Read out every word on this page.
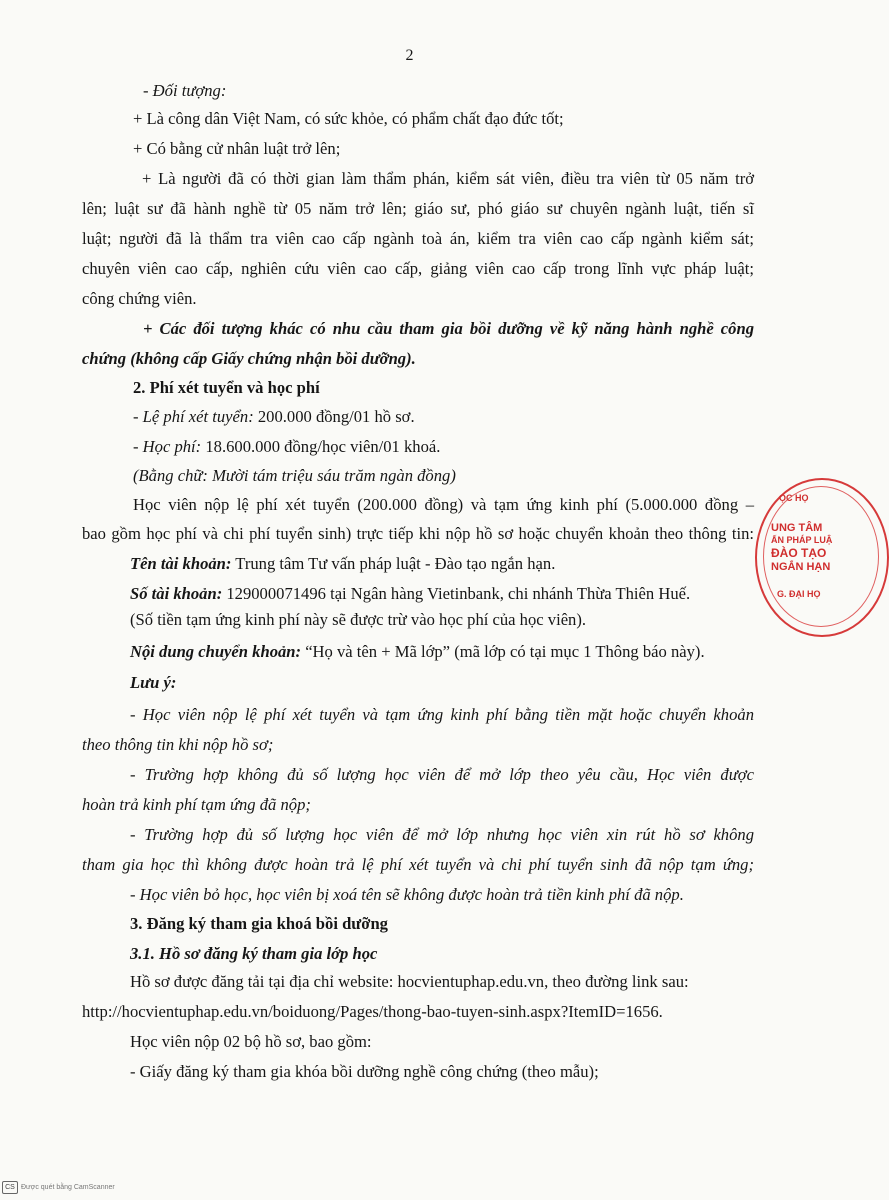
2
- Đối tượng:
+ Là công dân Việt Nam, có sức khỏe, có phẩm chất đạo đức tốt;
+ Có bằng cử nhân luật trở lên;
+ Là người đã có thời gian làm thẩm phán, kiểm sát viên, điều tra viên từ 05 năm trở
lên; luật sư đã hành nghề từ 05 năm trở lên; giáo sư, phó giáo sư chuyên ngành luật, tiến sĩ
luật; người đã là thẩm tra viên cao cấp ngành toà án, kiểm tra viên cao cấp ngành kiểm sát;
chuyên viên cao cấp, nghiên cứu viên cao cấp, giảng viên cao cấp trong lĩnh vực pháp luật;
công chứng viên.
+ Các đối tượng khác có nhu cầu tham gia bồi dưỡng về kỹ năng hành nghề công
chứng (không cấp Giấy chứng nhận bồi dưỡng).
2. Phí xét tuyển và học phí
- Lệ phí xét tuyển: 200.000 đồng/01 hồ sơ.
- Học phí: 18.600.000 đồng/học viên/01 khoá.
(Bằng chữ: Mười tám triệu sáu trăm ngàn đồng)
Học viên nộp lệ phí xét tuyển (200.000 đồng) và tạm ứng kinh phí (5.000.000 đồng –
bao gồm học phí và chi phí tuyển sinh) trực tiếp khi nộp hồ sơ hoặc chuyển khoản theo thông tin:
Tên tài khoản: Trung tâm Tư vấn pháp luật - Đào tạo ngắn hạn.
Số tài khoản: 129000071496 tại Ngân hàng Vietinbank, chi nhánh Thừa Thiên Huế.
(Số tiền tạm ứng kinh phí này sẽ được trừ vào học phí của học viên).
Nội dung chuyển khoản: “Họ và tên + Mã lớp” (mã lớp có tại mục 1 Thông báo này).
Lưu ý:
- Học viên nộp lệ phí xét tuyển và tạm ứng kinh phí bằng tiền mặt hoặc chuyển khoản
theo thông tin khi nộp hồ sơ;
- Trường hợp không đủ số lượng học viên để mở lớp theo yêu cầu, Học viên được
hoàn trả kinh phí tạm ứng đã nộp;
- Trường hợp đủ số lượng học viên để mở lớp nhưng học viên xin rút hồ sơ không
tham gia học thì không được hoàn trả lệ phí xét tuyển và chi phí tuyển sinh đã nộp tạm ứng;
- Học viên bỏ học, học viên bị xoá tên sẽ không được hoàn trả tiền kinh phí đã nộp.
3. Đăng ký tham gia khoá bồi dưỡng
3.1. Hồ sơ đăng ký tham gia lớp học
Hồ sơ được đăng tải tại địa chỉ website: hocvientuphap.edu.vn, theo đường link sau:
http://hocvientuphap.edu.vn/boiduong/Pages/thong-bao-tuyen-sinh.aspx?ItemID=1656.
Học viên nộp 02 bộ hồ sơ, bao gồm:
- Giấy đăng ký tham gia khóa bồi dưỡng nghề công chứng (theo mẫu);
ỌC HỌ
UNG TÂM
ẤN PHÁP LUẬ
ĐÀO TẠO
NGẮN HẠN
G. ĐẠI HỌ
CS Được quét bằng CamScanner
